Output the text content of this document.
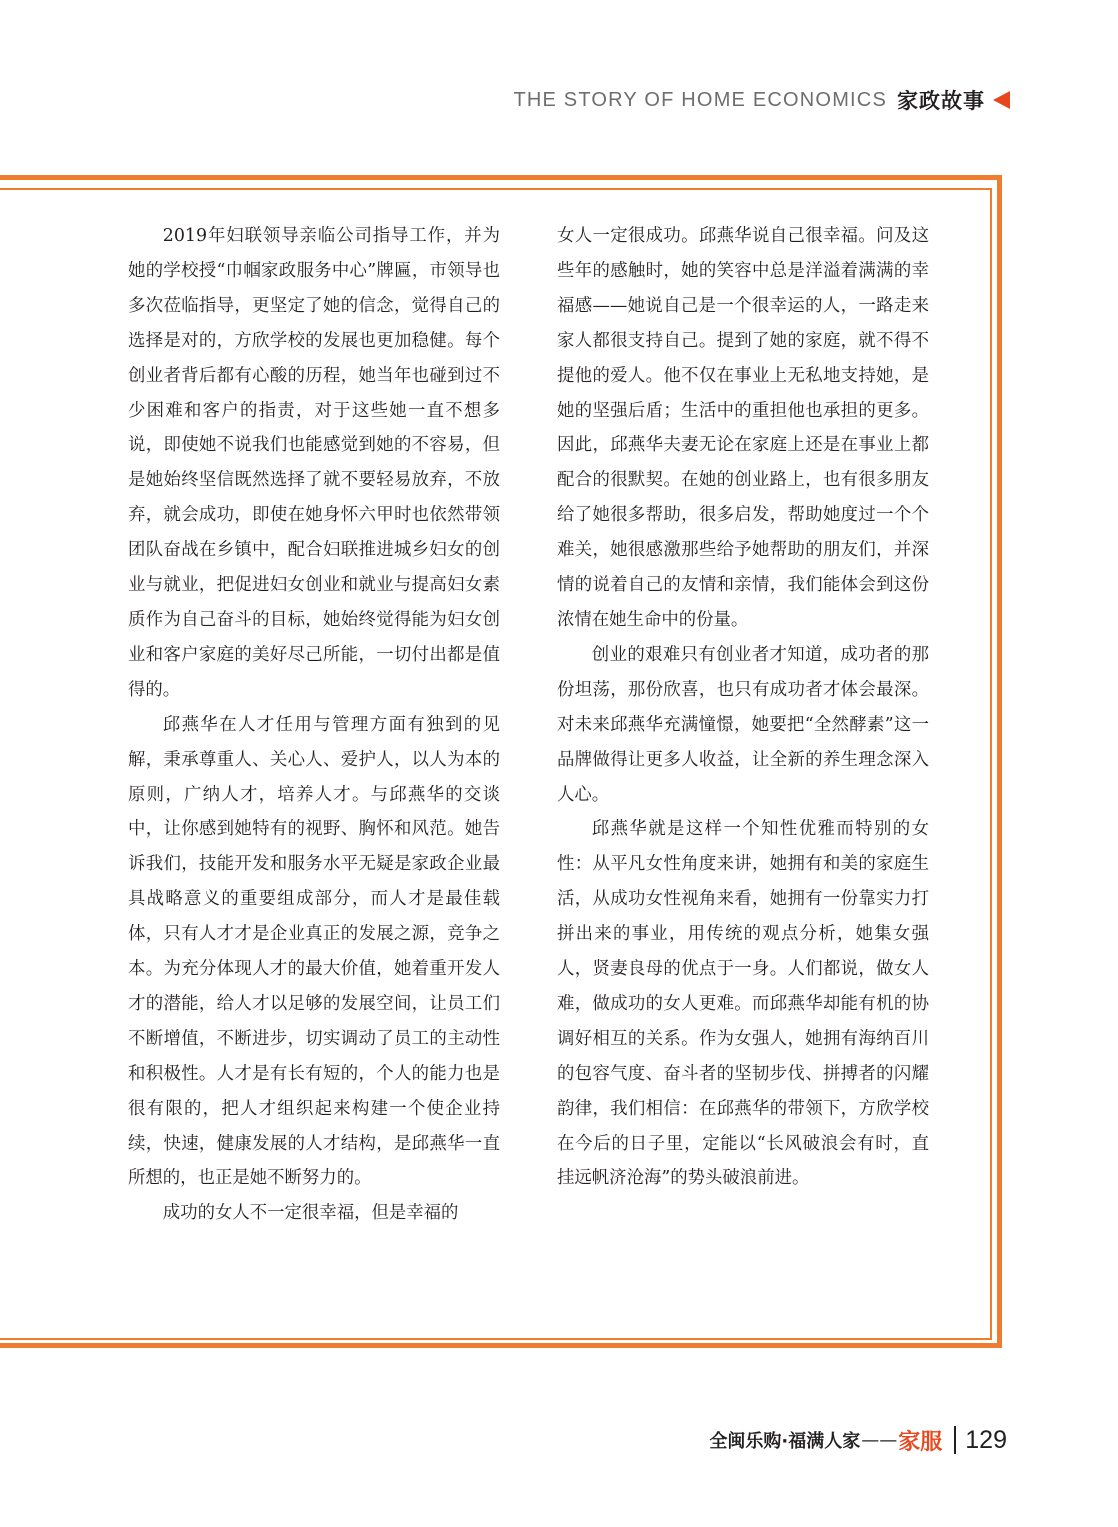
THE STORY OF HOME ECONOMICS 家政故事

2019年妇联领导亲临公司指导工作，并为她的学校授“巾帼家政服务中心”牌匾，市领导也多次莅临指导，更坚定了她的信念，觉得自己的选择是对的，方欣学校的发展也更加稳健。每个创业者背后都有心酸的历程，她当年也碰到过不少困难和客户的指责，对于这些她一直不想多说，即使她不说我们也能感觉到她的不容易，但是她始终坚信既然选择了就不要轻易放弃，不放弃，就会成功，即使在她身怀六甲时也依然带领团队奋战在乡镇中，配合妇联推进城乡妇女的创业与就业，把促进妇女创业和就业与提高妇女素质作为自己奋斗的目标，她始终觉得能为妇女创业和客户家庭的美好尽己所能，一切付出都是值得的。

邱燕华在人才任用与管理方面有独到的见解，秉承尊重人、关心人、爱护人，以人为本的原则，广纳人才，培养人才。与邱燕华的交谈中，让你感到她特有的视野、胸怀和风范。她告诉我们，技能开发和服务水平无疑是家政企业最具战略意义的重要组成部分，而人才是最佳载体，只有人才才是企业真正的发展之源，竞争之本。为充分体现人才的最大价值，她着重开发人才的潜能，给人才以足够的发展空间，让员工们不断增值，不断进步，切实调动了员工的主动性和积极性。人才是有长有短的，个人的能力也是很有限的，把人才组织起来构建一个使企业持续，快速，健康发展的人才结构，是邱燕华一直所想的，也正是她不断努力的。

成功的女人不一定很幸福，但是幸福的

女人一定很成功。邱燕华说自己很幸福。问及这些年的感触时，她的笑容中总是洋溢着满满的幸福感——她说自己是一个很幸运的人，一路走来家人都很支持自己。提到了她的家庭，就不得不提他的爱人。他不仅在事业上无私地支持她，是她的坚强后盾；生活中的重担他也承担的更多。因此，邱燕华夫妻无论在家庭上还是在事业上都配合的很默契。在她的创业路上，也有很多朋友给了她很多帮助，很多启发，帮助她度过一个个难关，她很感激那些给予她帮助的朋友们，并深情的说着自己的友情和亲情，我们能体会到这份浓情在她生命中的份量。

创业的艰难只有创业者才知道，成功者的那份坦荡，那份欣喜，也只有成功者才体会最深。对未来邱燕华充满憧憬，她要把“全然酵素”这一品牌做得让更多人收益，让全新的养生理念深入人心。

邱燕华就是这样一个知性优雅而特别的女性：从平凡女性角度来讲，她拥有和美的家庭生活，从成功女性视角来看，她拥有一份靠实力打拼出来的事业，用传统的观点分析，她集女强人，贤妻良母的优点于一身。人们都说，做女人难，做成功的女人更难。而邱燕华却能有机的协调好相互的关系。作为女强人，她拥有海纳百川的包容气度、奋斗者的坚韧步伐、拼搏者的闪耀韵律，我们相信：在邱燕华的带领下，方欣学校在今后的日子里，定能以“长风破浪会有时，直挂远帆济沧海”的势头破浪前进。

全闽乐购·福满人家 —— 家服 129
